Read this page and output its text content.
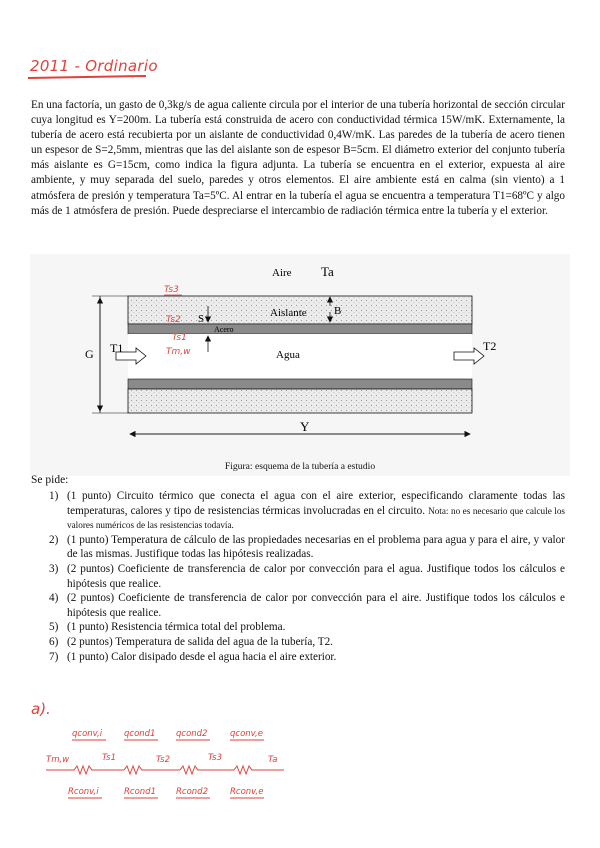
2011 - Ordinario

En una factoría, un gasto de 0,3kg/s de agua caliente circula por el interior de una tubería horizontal de sección circular cuya longitud es Y=200m. La tubería está construida de acero con conductividad térmica 15W/mK. Externamente, la tubería de acero está recubierta por un aislante de conductividad 0,4W/mK. Las paredes de la tubería de acero tienen un espesor de S=2,5mm, mientras que las del aislante son de espesor B=5cm. El diámetro exterior del conjunto tubería más aislante es G=15cm, como indica la figura adjunta. La tubería se encuentra en el exterior, expuesta al aire ambiente, y muy separada del suelo, paredes y otros elementos. El aire ambiente está en calma (sin viento) a 1 atmósfera de presión y temperatura Ta=5ºC. Al entrar en la tubería el agua se encuentra a temperatura T1=68ºC y algo más de 1 atmósfera de presión. Puede despreciarse el intercambio de radiación térmica entre la tubería y el exterior.

Aire Ta
Aislante
Acero
Agua
S
B
G T1	T2
Y
Ts3
Ts2
Ts1
Tm,w

Figura: esquema de la tubería a estudio

Se pide:

1) (1 punto) Circuito térmico que conecta el agua con el aire exterior, especificando claramente todas las temperaturas, calores y tipo de resistencias térmicas involucradas en el circuito. Nota: no es necesario que calcule los valores numéricos de las resistencias todavía.
2) (1 punto) Temperatura de cálculo de las propiedades necesarias en el problema para agua y para el aire, y valor de las mismas. Justifique todas las hipótesis realizadas.
3) (2 puntos) Coeficiente de transferencia de calor por convección para el agua. Justifique todos los cálculos e hipótesis que realice.
4) (2 puntos) Coeficiente de transferencia de calor por convección para el aire. Justifique todos los cálculos e hipótesis que realice.
5) (1 punto) Resistencia térmica total del problema.
6) (2 puntos) Temperatura de salida del agua de la tubería, T2.
7) (1 punto) Calor disipado desde el agua hacia el aire exterior.
a).
qconv,i	qcond1 qcond2	qconv,e
Tm,w	Ts1	Ts2	Ts3	Ta
Rconv,i	Rcond1 Rcond2	Rconv,e
